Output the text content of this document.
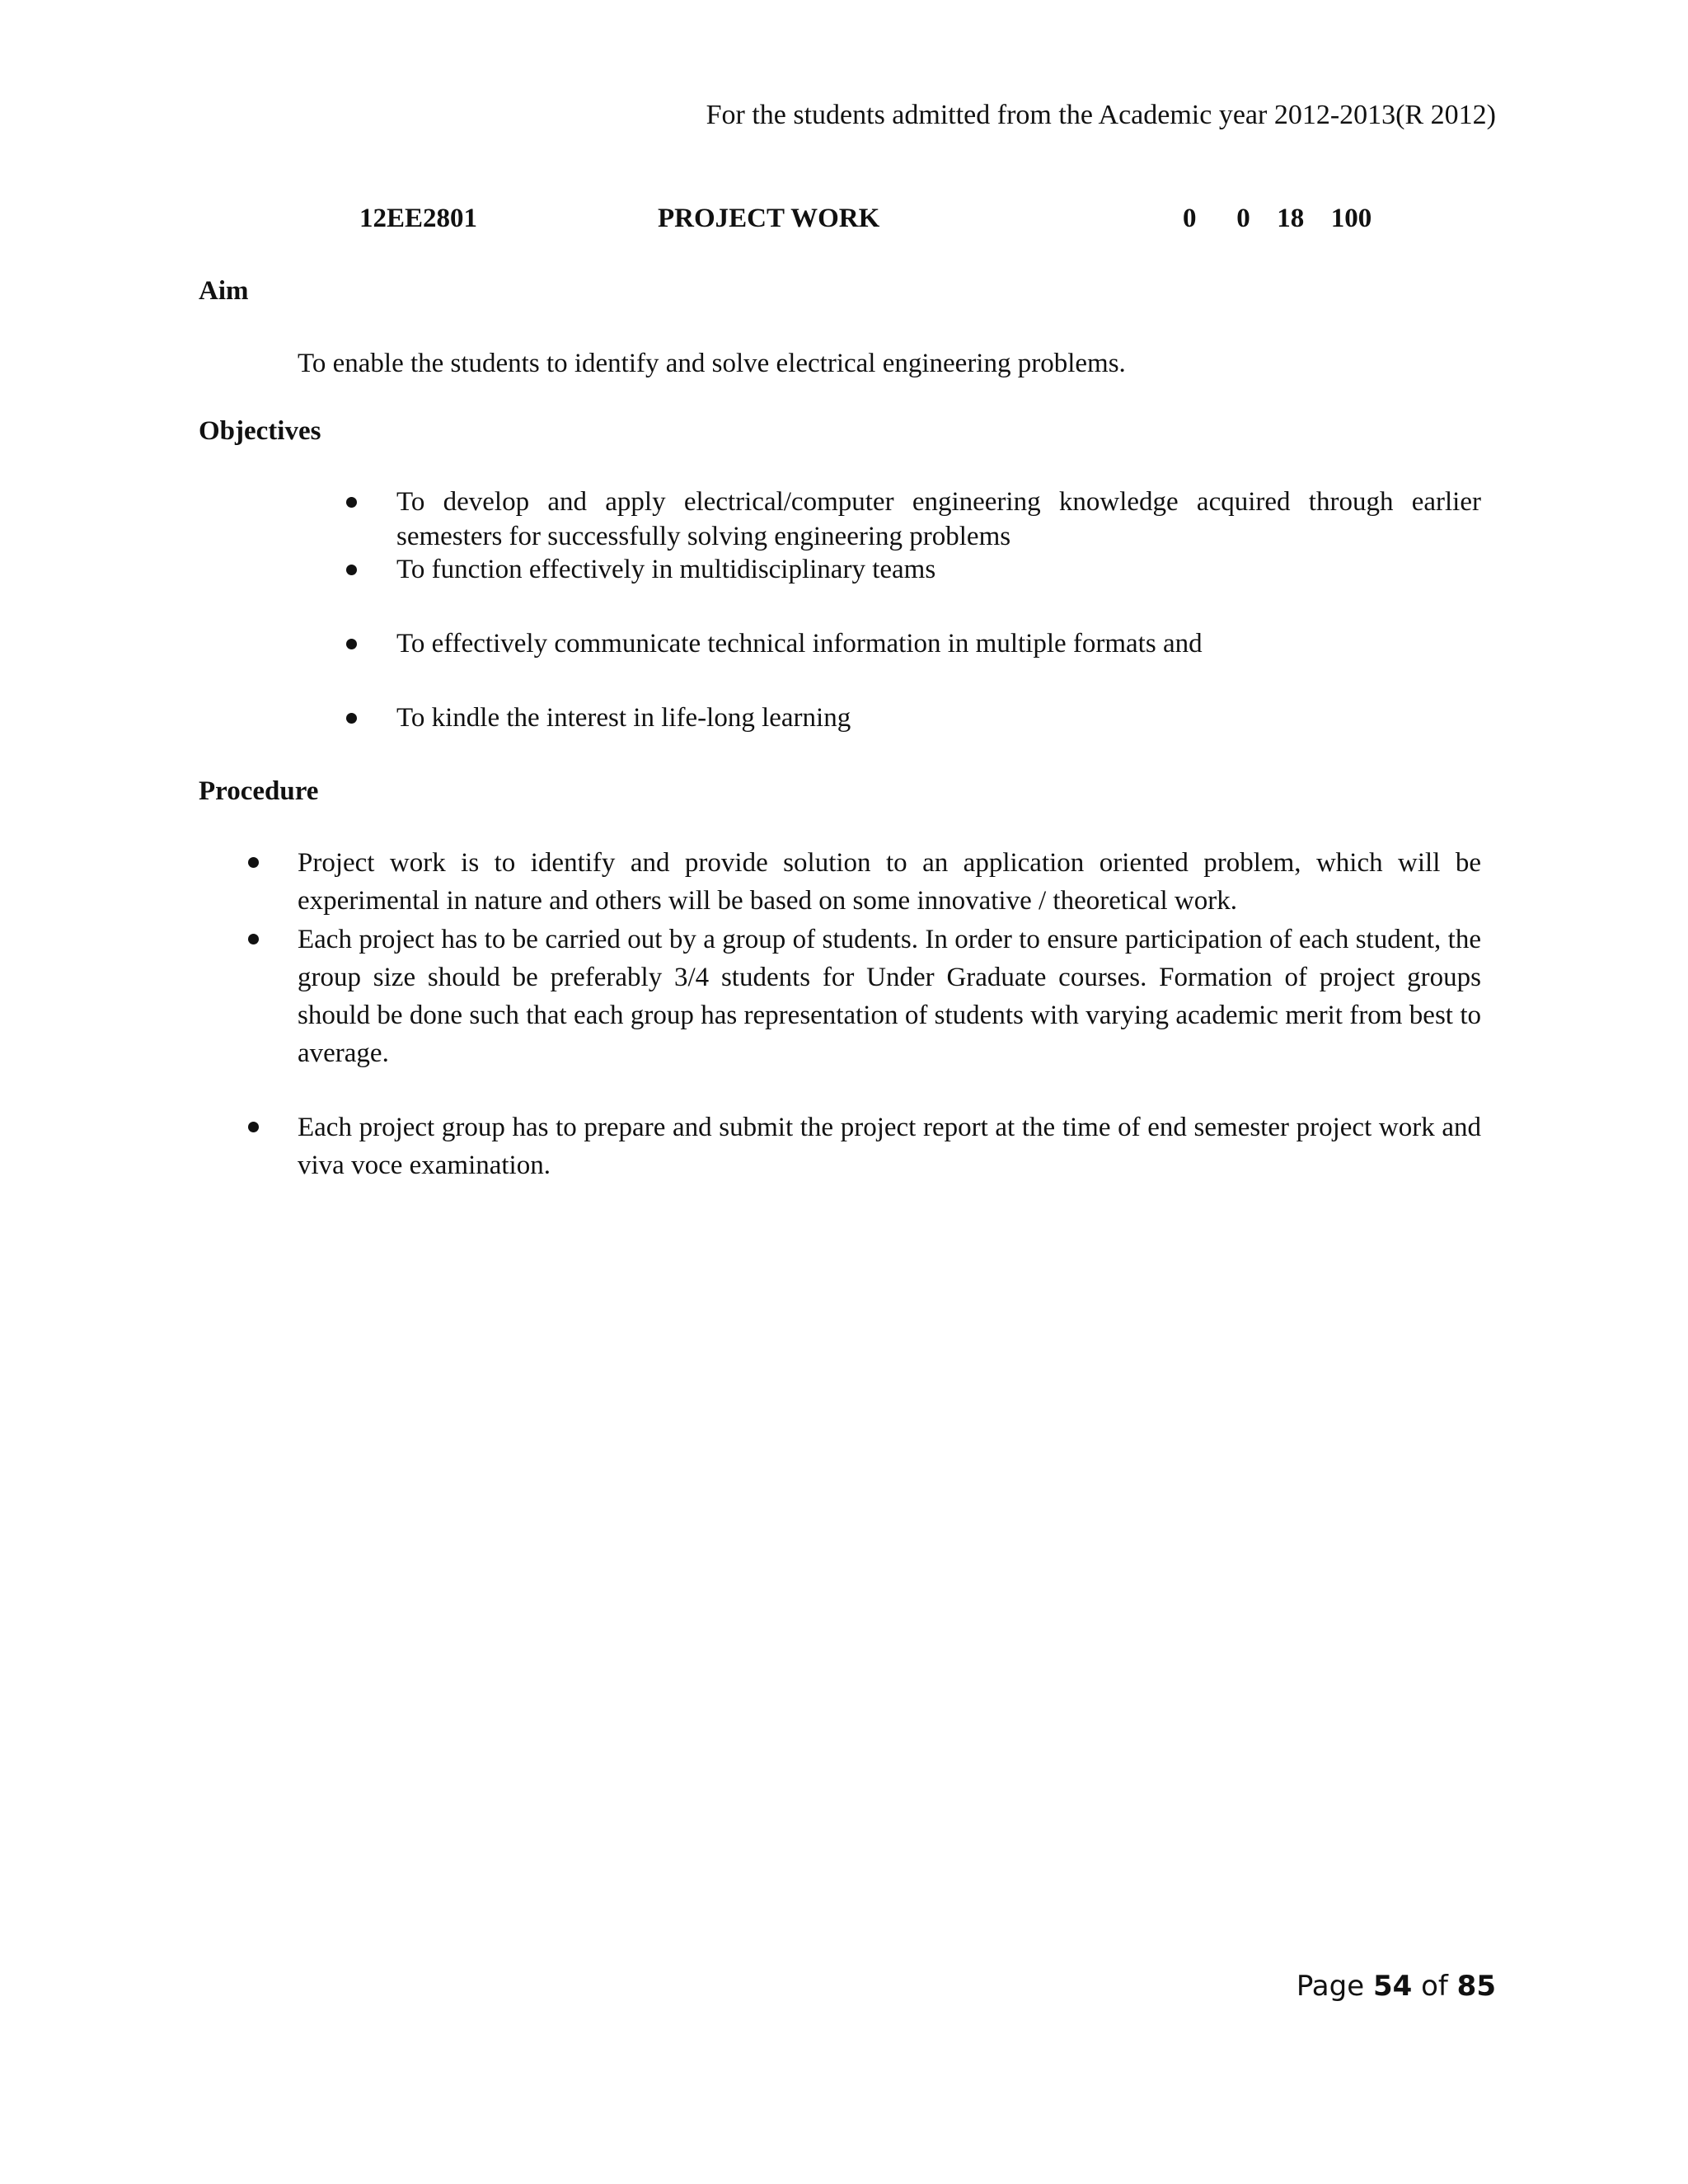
For the students admitted from the Academic year 2012-2013(R 2012)
12EE2801	PROJECT WORK	0   0  18  100
Aim
To enable the students to identify and solve electrical engineering problems.
Objectives
To develop and apply electrical/computer engineering knowledge acquired through earlier semesters for successfully solving engineering problems
To function effectively in multidisciplinary teams
To effectively communicate technical information in multiple formats and
To kindle the interest in life-long learning
Procedure
Project work is to identify and provide solution to an application oriented problem, which will be experimental in nature and others will be based on some innovative / theoretical work.
Each project has to be carried out by a group of students. In order to ensure participation of each student, the group size should be preferably 3/4 students for Under Graduate courses. Formation of project groups should be done such that each group has representation of students with varying academic merit from best to average.
Each project group has to prepare and submit the project report at the time of end semester project work and viva voce examination.
Page 54 of 85
